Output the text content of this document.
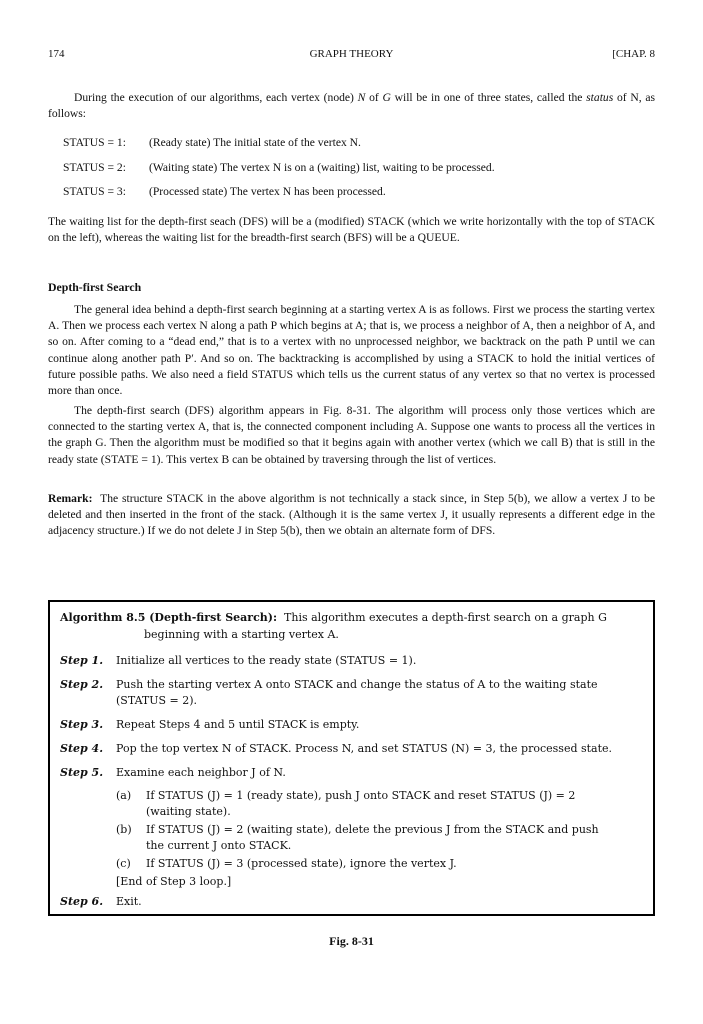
174	GRAPH THEORY	[CHAP. 8

During the execution of our algorithms, each vertex (node) N of G will be in one of three states, called the status of N, as follows:

STATUS = 1: (Ready state) The initial state of the vertex N.
STATUS = 2: (Waiting state) The vertex N is on a (waiting) list, waiting to be processed.
STATUS = 3: (Processed state) The vertex N has been processed.

The waiting list for the depth-first seach (DFS) will be a (modified) STACK (which we write horizontally with the top of STACK on the left), whereas the waiting list for the breadth-first search (BFS) will be a QUEUE.

Depth-first Search

The general idea behind a depth-first search beginning at a starting vertex A is as follows. First we process the starting vertex A. Then we process each vertex N along a path P which begins at A; that is, we process a neighbor of A, then a neighbor of A, and so on. After coming to a “dead end,” that is to a vertex with no unprocessed neighbor, we backtrack on the path P until we can continue along another path P′. And so on. The backtracking is accomplished by using a STACK to hold the initial vertices of future possible paths. We also need a field STATUS which tells us the current status of any vertex so that no vertex is processed more than once.

The depth-first search (DFS) algorithm appears in Fig. 8-31. The algorithm will process only those vertices which are connected to the starting vertex A, that is, the connected component including A. Suppose one wants to process all the vertices in the graph G. Then the algorithm must be modified so that it begins again with another vertex (which we call B) that is still in the ready state (STATE = 1). This vertex B can be obtained by traversing through the list of vertices.

Remark: The structure STACK in the above algorithm is not technically a stack since, in Step 5(b), we allow a vertex J to be deleted and then inserted in the front of the stack. (Although it is the same vertex J, it usually represents a different edge in the adjacency structure.) If we do not delete J in Step 5(b), then we obtain an alternate form of DFS.

Algorithm 8.5 (Depth-first Search): This algorithm executes a depth-first search on a graph G
beginning with a starting vertex A.
Step 1. Initialize all vertices to the ready state (STATUS = 1).
Step 2. Push the starting vertex A onto STACK and change the status of A to the waiting state
(STATUS = 2).
Step 3. Repeat Steps 4 and 5 until STACK is empty.
Step 4. Pop the top vertex N of STACK. Process N, and set STATUS (N) = 3, the processed state.
Step 5. Examine each neighbor J of N.
(a) If STATUS (J) = 1 (ready state), push J onto STACK and reset STATUS (J) = 2
(waiting state).
(b) If STATUS (J) = 2 (waiting state), delete the previous J from the STACK and push
the current J onto STACK.
(c) If STATUS (J) = 3 (processed state), ignore the vertex J.
[End of Step 3 loop.]
Step 6. Exit.
Fig. 8-31
